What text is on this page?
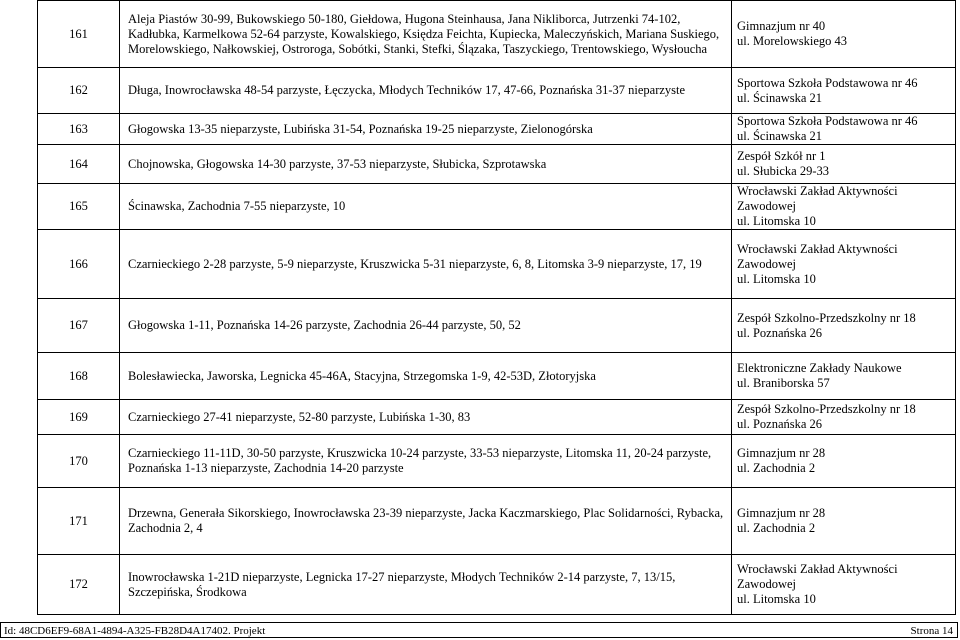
161	Aleja Piastów 30-99, Bukowskiego 50-180, Giełdowa, Hugona Steinhausa, Jana Nikliborca, Jutrzenki 74-102, Kadłubka, Karmelkowa 52-64 parzyste, Kowalskiego, Księdza Feichta, Kupiecka, Maleczyńskich, Mariana Suskiego, Morelowskiego, Nałkowskiej, Ostroroga, Sobótki, Stanki, Stefki, Ślązaka, Taszyckiego, Trentowskiego, Wysłoucha	Gimnazjum nr 40
ul. Morelowskiego 43

162	Długa, Inowrocławska 48-54 parzyste, Łęczycka, Młodych Techników 17, 47-66, Poznańska 31-37 nieparzyste	Sportowa Szkoła Podstawowa nr 46
ul. Ścinawska 21

163	Głogowska 13-35 nieparzyste, Lubińska 31-54, Poznańska 19-25 nieparzyste, Zielonogórska	Sportowa Szkoła Podstawowa nr 46
ul. Ścinawska 21

164	Chojnowska, Głogowska 14-30 parzyste, 37-53 nieparzyste, Słubicka, Szprotawska	Zespół Szkół nr 1
ul. Słubicka 29-33

165	Ścinawska, Zachodnia 7-55 nieparzyste, 10	Wrocławski Zakład Aktywności Zawodowej
ul. Litomska 10

166	Czarnieckiego 2-28 parzyste, 5-9 nieparzyste, Kruszwicka 5-31 nieparzyste, 6, 8, Litomska 3-9 nieparzyste, 17, 19	Wrocławski Zakład Aktywności Zawodowej
ul. Litomska 10

167	Głogowska 1-11, Poznańska 14-26 parzyste, Zachodnia 26-44 parzyste, 50, 52	Zespół Szkolno-Przedszkolny nr 18
ul. Poznańska 26

168	Bolesławiecka, Jaworska, Legnicka 45-46A, Stacyjna, Strzegomska 1-9, 42-53D, Złotoryjska	Elektroniczne Zakłady Naukowe
ul. Braniborska 57

169	Czarnieckiego 27-41 nieparzyste, 52-80 parzyste, Lubińska 1-30, 83	Zespół Szkolno-Przedszkolny nr 18
ul. Poznańska 26

170	Czarnieckiego 11-11D, 30-50 parzyste, Kruszwicka 10-24 parzyste, 33-53 nieparzyste, Litomska 11, 20-24 parzyste, Poznańska 1-13 nieparzyste, Zachodnia 14-20 parzyste	Gimnazjum nr 28
ul. Zachodnia 2

171	Drzewna, Generała Sikorskiego, Inowrocławska 23-39 nieparzyste, Jacka Kaczmarskiego, Plac Solidarności, Rybacka, Zachodnia 2, 4	Gimnazjum nr 28
ul. Zachodnia 2

172	Inowrocławska 1-21D nieparzyste, Legnicka 17-27 nieparzyste, Młodych Techników 2-14 parzyste, 7, 13/15, Szczepińska, Środkowa	Wrocławski Zakład Aktywności Zawodowej
ul. Litomska 10
Id: 48CD6EF9-68A1-4894-A325-FB28D4A17402. Projekt	Strona 14
